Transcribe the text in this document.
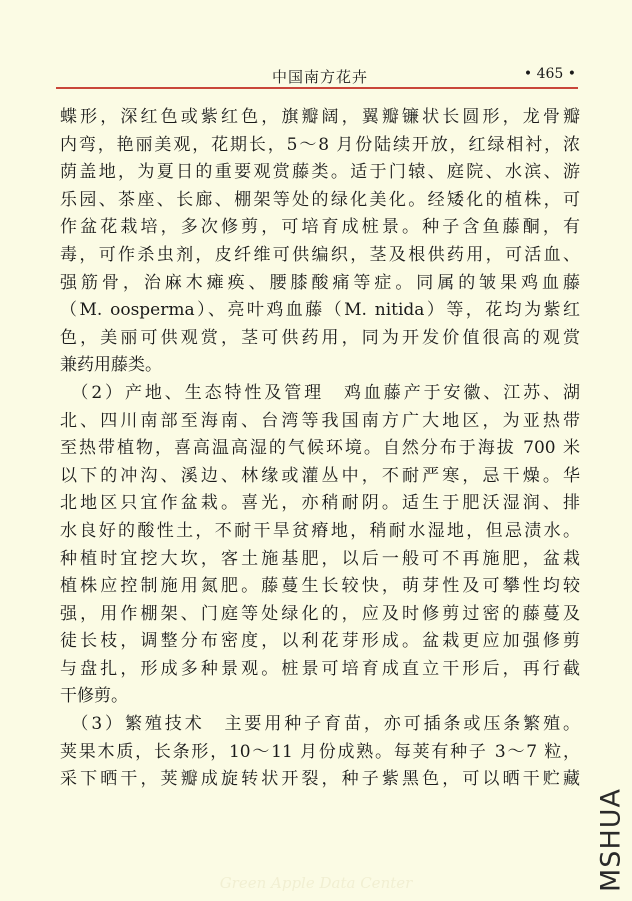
中国南方花卉	• 465 •
蝶形，深红色或紫红色，旗瓣阔，翼瓣镰状长圆形，龙骨瓣
内弯，艳丽美观，花期长，5～8 月份陆续开放，红绿相衬，浓
荫盖地，为夏日的重要观赏藤类。适于门辕、庭院、水滨、游
乐园、茶座、长廊、棚架等处的绿化美化。经矮化的植株，可
作盆花栽培，多次修剪，可培育成桩景。种子含鱼藤酮，有
毒，可作杀虫剂，皮纤维可供编织，茎及根供药用，可活血、
强筋骨，治麻木瘫痪、腰膝酸痛等症。同属的皱果鸡血藤
（M. oosperma）、亮叶鸡血藤（M. nitida）等，花均为紫红
色，美丽可供观赏，茎可供药用，同为开发价值很高的观赏
兼药用藤类。
　（2）产地、生态特性及管理　鸡血藤产于安徽、江苏、湖
北、四川南部至海南、台湾等我国南方广大地区，为亚热带
至热带植物，喜高温高湿的气候环境。自然分布于海拔 700 米
以下的冲沟、溪边、林缘或灌丛中，不耐严寒，忌干燥。华
北地区只宜作盆栽。喜光，亦稍耐阴。适生于肥沃湿润、排
水良好的酸性土，不耐干旱贫瘠地，稍耐水湿地，但忌渍水。
种植时宜挖大坎，客土施基肥，以后一般可不再施肥，盆栽
植株应控制施用氮肥。藤蔓生长较快，萌芽性及可攀性均较
强，用作棚架、门庭等处绿化的，应及时修剪过密的藤蔓及
徒长枝，调整分布密度，以利花芽形成。盆栽更应加强修剪
与盘扎，形成多种景观。桩景可培育成直立干形后，再行截
干修剪。
　（3）繁殖技术　主要用种子育苗，亦可插条或压条繁殖。
荚果木质，长条形，10～11 月份成熟。每荚有种子 3～7 粒，
采下晒干，荚瓣成旋转状开裂，种子紫黑色，可以晒干贮藏
Green Apple Data Center	MSHUA
